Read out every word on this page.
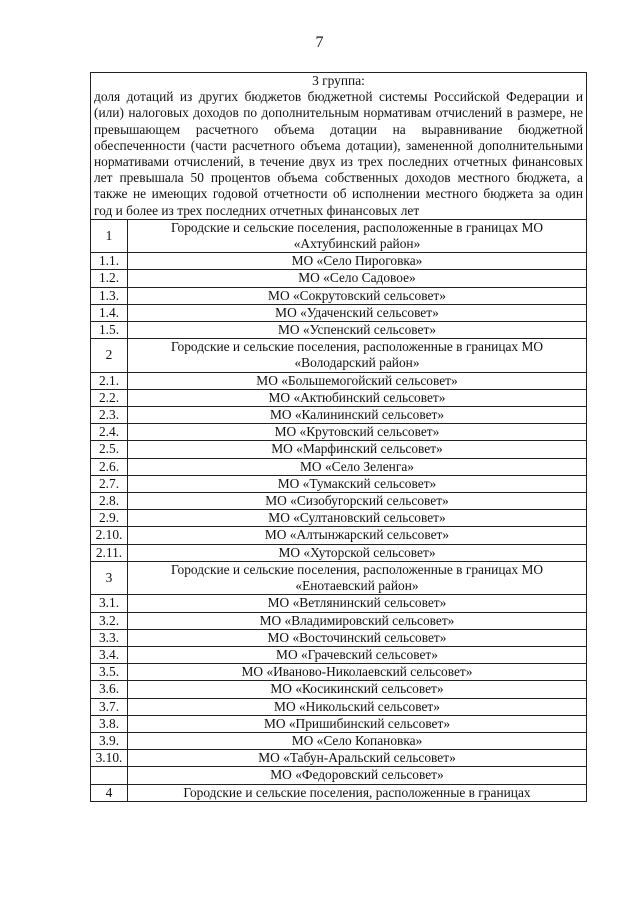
7
3 группа:
доля дотаций из других бюджетов бюджетной системы Российской Федерации и (или) налоговых доходов по дополнительным нормативам отчислений в размере, не превышающем расчетного объема дотации на выравнивание бюджетной обеспеченности (части расчетного объема дотации), замененной дополнительными нормативами отчислений, в течение двух из трех последних отчетных финансовых лет превышала 50 процентов объема собственных доходов местного бюджета, а также не имеющих годовой отчетности об исполнении местного бюджета за один год и более из трех последних отчетных финансовых лет	

1	Городские и сельские поселения, расположенные в границах МО «Ахтубинский район»
1.1.	МО «Село Пироговка»
1.2.	МО «Село Садовое»
1.3.	МО «Сокрутовский сельсовет»
1.4.	МО «Удаченский сельсовет»
1.5.	МО «Успенский сельсовет»
2	Городские и сельские поселения, расположенные в границах МО «Володарский район»
2.1.	МО «Большемогойский сельсовет»
2.2.	МО «Актюбинский сельсовет»
2.3.	МО «Калининский сельсовет»
2.4.	МО «Крутовский сельсовет»
2.5.	МО «Марфинский сельсовет»
2.6.	МО «Село Зеленга»
2.7.	МО «Тумакский сельсовет»
2.8.	МО «Сизобугорский сельсовет»
2.9.	МО «Султановский сельсовет»
2.10.	МО «Алтынжарский сельсовет»
2.11.	МО «Хуторской сельсовет»
3	Городские и сельские поселения, расположенные в границах МО «Енотаевский район»
3.1.	МО «Ветлянинский сельсовет»
3.2.	МО «Владимировский сельсовет»
3.3.	МО «Восточинский сельсовет»
3.4.	МО «Грачевский сельсовет»
3.5.	МО «Иваново-Николаевский сельсовет»
3.6.	МО «Косикинский сельсовет»
3.7.	МО «Никольский сельсовет»
3.8.	МО «Пришибинский сельсовет»
3.9.	МО «Село Копановка»
3.10.	МО «Табун-Аральский сельсовет»
	МО «Федоровский сельсовет»
4	Городские и сельские поселения, расположенные в границах
